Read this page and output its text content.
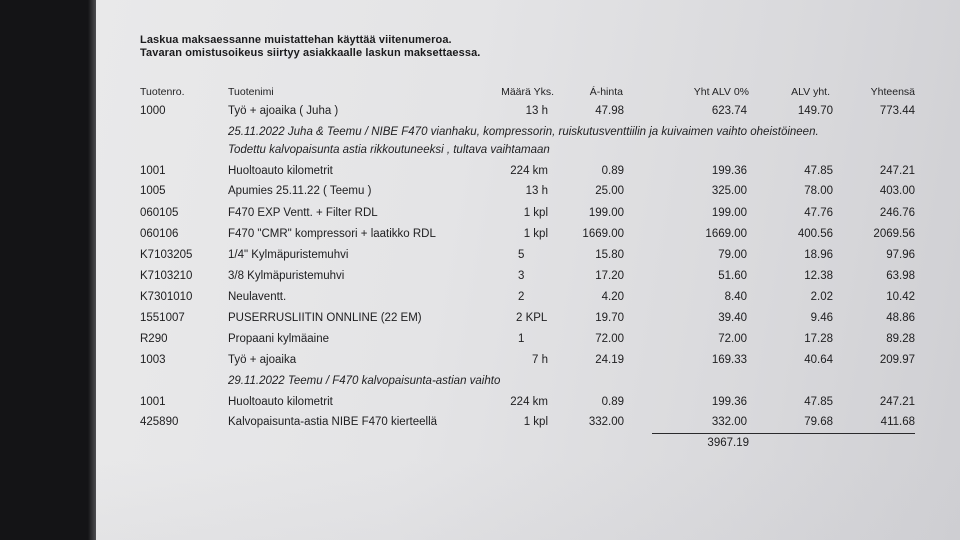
Laskua maksaessanne muistattehan käyttää viitenumeroa.
Tavaran omistusoikeus siirtyy asiakkaalle laskun maksettaessa.
Tuotenro.	Tuotenimi	Määrä Yks.	Á-hinta	Yht ALV 0%	ALV yht.	Yhteensä
1000	Työ + ajoaika ( Juha )	13 h	47.98	623.74	149.70	773.44
25.11.2022 Juha & Teemu / NIBE F470 vianhaku, kompressorin, ruiskutusventtiilin ja kuivaimen vaihto oheistöineen.
Todettu kalvopaisunta astia rikkoutuneeksi , tultava vaihtamaan
1001	Huoltoauto kilometrit	224 km	0.89	199.36	47.85	247.21
1005	Apumies 25.11.22 ( Teemu )	13 h	25.00	325.00	78.00	403.00
060105	F470 EXP Ventt. + Filter RDL	1 kpl	199.00	199.00	47.76	246.76
060106	F470 "CMR" kompressori + laatikko RDL	1 kpl	1669.00	1669.00	400.56	2069.56
K7103205	1/4" Kylmäpuristemuhvi	5	15.80	79.00	18.96	97.96
K7103210	3/8 Kylmäpuristemuhvi	3	17.20	51.60	12.38	63.98
K7301010	Neulaventt.	2	4.20	8.40	2.02	10.42
1551007	PUSERRUSLIITIN ONNLINE (22 EM)	2 KPL	19.70	39.40	9.46	48.86
R290	Propaani kylmäaine	1	72.00	72.00	17.28	89.28
1003	Työ + ajoaika	7 h	24.19	169.33	40.64	209.97
29.11.2022 Teemu / F470 kalvopaisunta-astian vaihto
1001	Huoltoauto kilometrit	224 km	0.89	199.36	47.85	247.21
425890	Kalvopaisunta-astia NIBE F470 kierteellä	1 kpl	332.00	332.00	79.68	411.68
3967.19
